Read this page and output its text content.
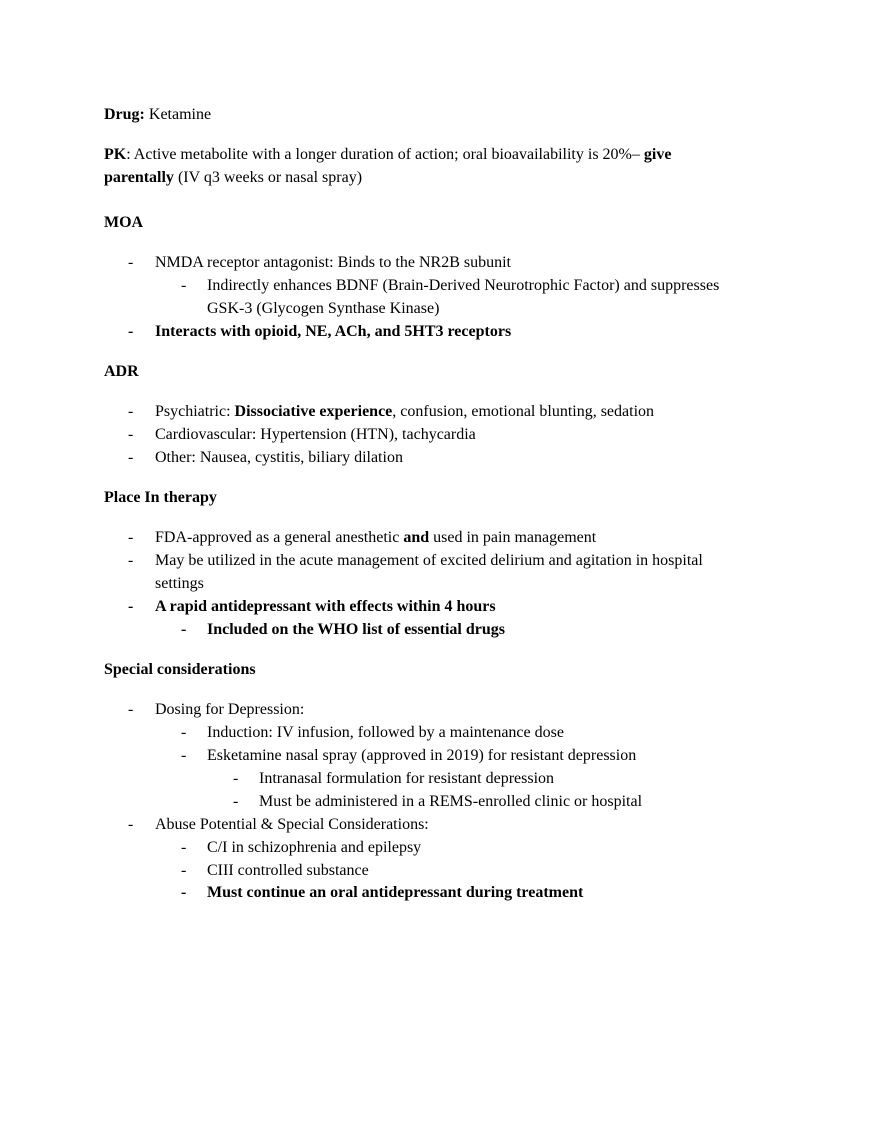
Drug: Ketamine
PK: Active metabolite with a longer duration of action; oral bioavailability is 20%– give
parentally (IV q3 weeks or nasal spray)
MOA
- NMDA receptor antagonist: Binds to the NR2B subunit
- Indirectly enhances BDNF (Brain-Derived Neurotrophic Factor) and suppresses
GSK-3 (Glycogen Synthase Kinase)
- Interacts with opioid, NE, ACh, and 5HT3 receptors
ADR
- Psychiatric: Dissociative experience, confusion, emotional blunting, sedation
- Cardiovascular: Hypertension (HTN), tachycardia
- Other: Nausea, cystitis, biliary dilation
Place In therapy
- FDA-approved as a general anesthetic and used in pain management
- May be utilized in the acute management of excited delirium and agitation in hospital
settings
- A rapid antidepressant with effects within 4 hours
- Included on the WHO list of essential drugs
Special considerations
- Dosing for Depression:
- Induction: IV infusion, followed by a maintenance dose
- Esketamine nasal spray (approved in 2019) for resistant depression
- Intranasal formulation for resistant depression
- Must be administered in a REMS-enrolled clinic or hospital
- Abuse Potential & Special Considerations:
- C/I in schizophrenia and epilepsy
- CIII controlled substance
- Must continue an oral antidepressant during treatment
